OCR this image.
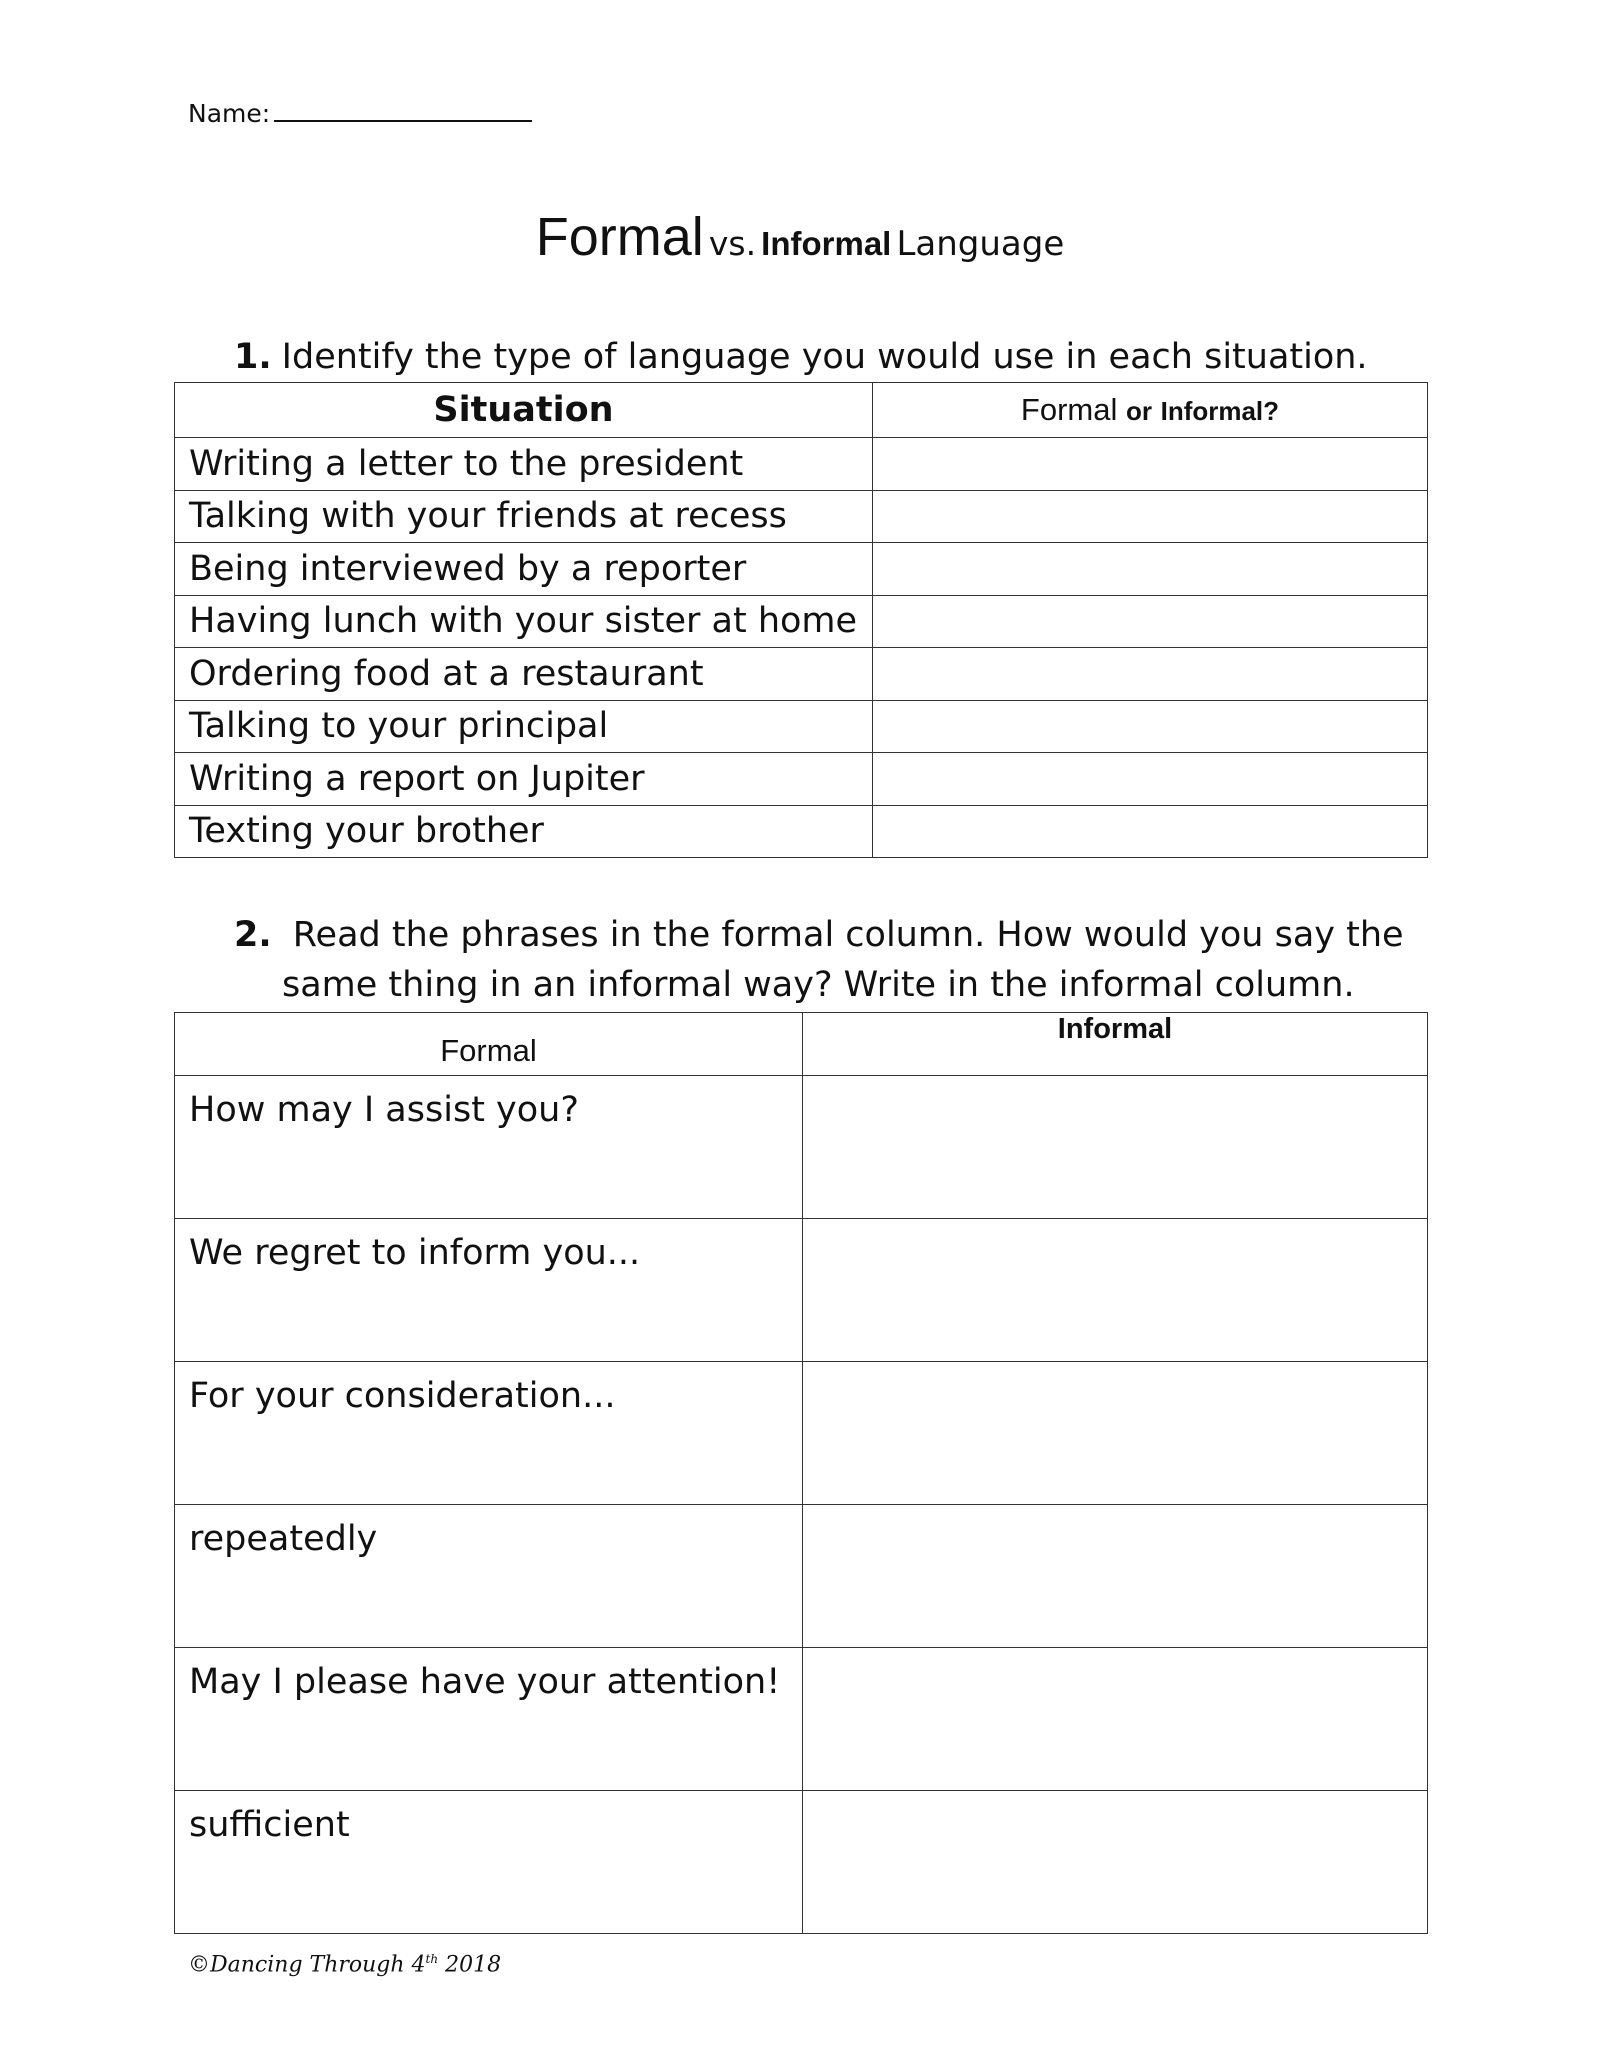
Name:
Formal vs. Informal Language
1. Identify the type of language you would use in each situation.
Situation	Formal or Informal?
Writing a letter to the president	
Talking with your friends at recess	
Being interviewed by a reporter	
Having lunch with your sister at home	
Ordering food at a restaurant	
Talking to your principal	
Writing a report on Jupiter	
Texting your brother	
2. Read the phrases in the formal column. How would you say the
same thing in an informal way? Write in the informal column.
Formal	Informal
How may I assist you?	
We regret to inform you...	
For your consideration...	
repeatedly	
May I please have your attention!	
sufficient	
©Dancing Through 4th 2018
